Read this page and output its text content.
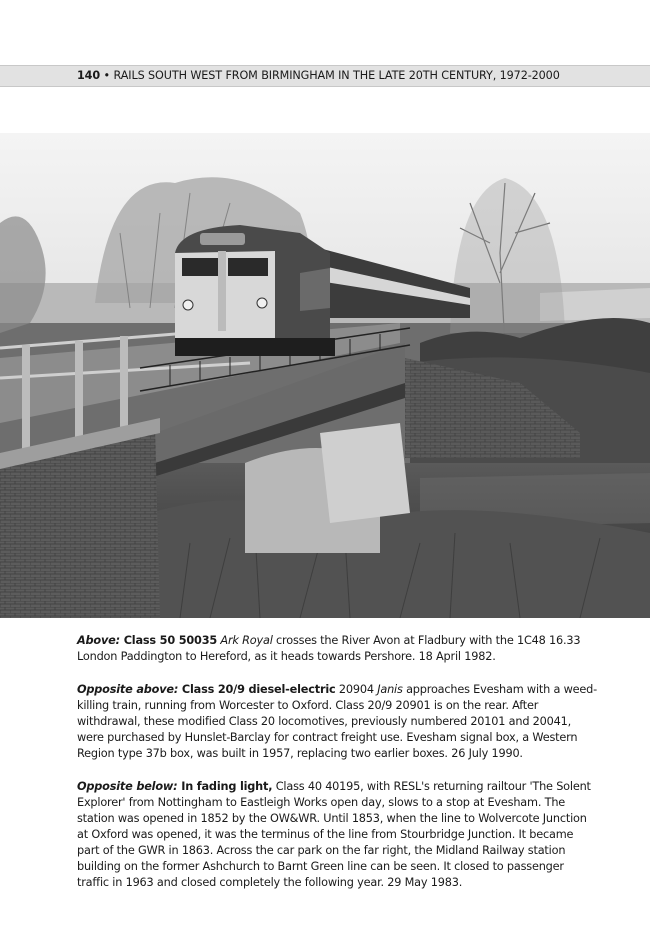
140 • RAILS SOUTH WEST FROM BIRMINGHAM IN THE LATE 20TH CENTURY, 1972-2000

Above: Class 50 50035 Ark Royal crosses the River Avon at Fladbury with the 1C48 16.33 London Paddington to Hereford, as it heads towards Pershore. 18 April 1982.

Opposite above: Class 20/9 diesel-electric 20904 Janis approaches Evesham with a weed-killing train, running from Worcester to Oxford. Class 20/9 20901 is on the rear. After withdrawal, these modified Class 20 locomotives, previously numbered 20101 and 20041, were purchased by Hunslet-Barclay for contract freight use. Evesham signal box, a Western Region type 37b box, was built in 1957, replacing two earlier boxes. 26 July 1990.

Opposite below: In fading light, Class 40 40195, with RESL's returning railtour 'The Solent Explorer' from Nottingham to Eastleigh Works open day, slows to a stop at Evesham. The station was opened in 1852 by the OW&WR. Until 1853, when the line to Wolvercote Junction at Oxford was opened, it was the terminus of the line from Stourbridge Junction. It became part of the GWR in 1863. Across the car park on the far right, the Midland Railway station building on the former Ashchurch to Barnt Green line can be seen. It closed to passenger traffic in 1963 and closed completely the following year. 29 May 1983.
